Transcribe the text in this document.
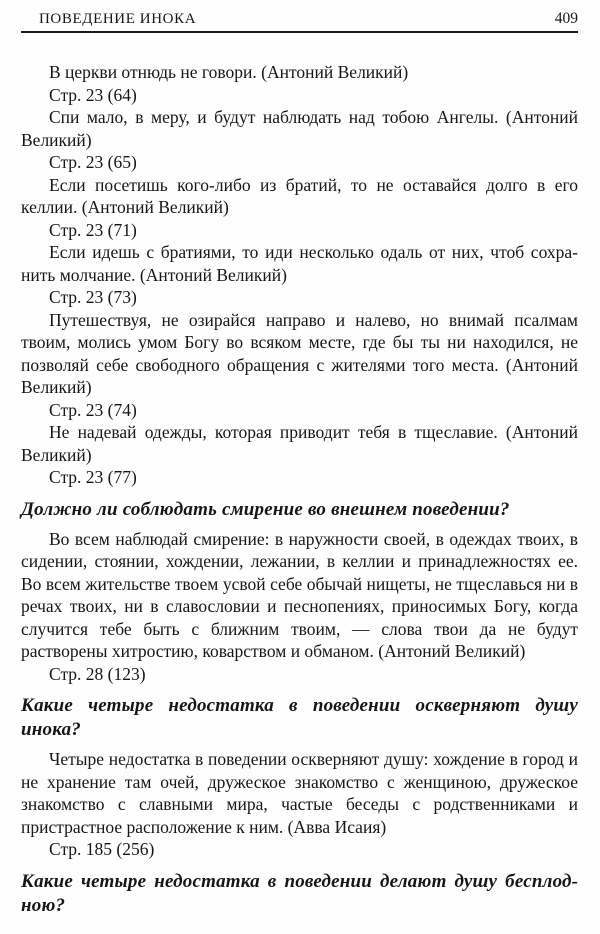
ПОВЕДЕНИЕ ИНОКА	409

В церкви отнюдь не говори. (Антоний Великий)

Стр. 23 (64)

Спи мало, в меру, и будут наблюдать над тобою Ангелы. (Антоний Великий)

Стр. 23 (65)

Если посетишь кого-либо из братий, то не оставайся долго в его келлии. (Антоний Великий)

Стр. 23 (71)

Если идешь с братиями, то иди несколько одаль от них, чтоб сохранить молчание. (Антоний Великий)

Стр. 23 (73)

Путешествуя, не озирайся направо и налево, но внимай псалмам твоим, молись умом Богу во всяком месте, где бы ты ни находился, не позволяй себе свободного обращения с жителями того места. (Антоний Великий)

Стр. 23 (74)

Не надевай одежды, которая приводит тебя в тщеславие. (Антоний Великий)

Стр. 23 (77)

Должно ли соблюдать смирение во внешнем поведении?

Во всем наблюдай смирение: в наружности своей, в одеждах твоих, в сидении, стоянии, хождении, лежании, в келлии и принадлежностях ее. Во всем жительстве твоем усвой себе обычай нищеты, не тщеславься ни в речах твоих, ни в славословии и песнопениях, приносимых Богу, когда случится тебе быть с ближним твоим, — слова твои да не будут растворены хитростию, коварством и обманом. (Антоний Великий)

Стр. 28 (123)

Какие четыре недостатка в поведении оскверняют душу инока?

Четыре недостатка в поведении оскверняют душу: хождение в город и не хранение там очей, дружеское знакомство с женщиною, дружеское знакомство с славными мира, частые беседы с родственниками и пристрастное расположение к ним. (Авва Исаия)

Стр. 185 (256)

Какие четыре недостатка в поведении делают душу бесплодною?
